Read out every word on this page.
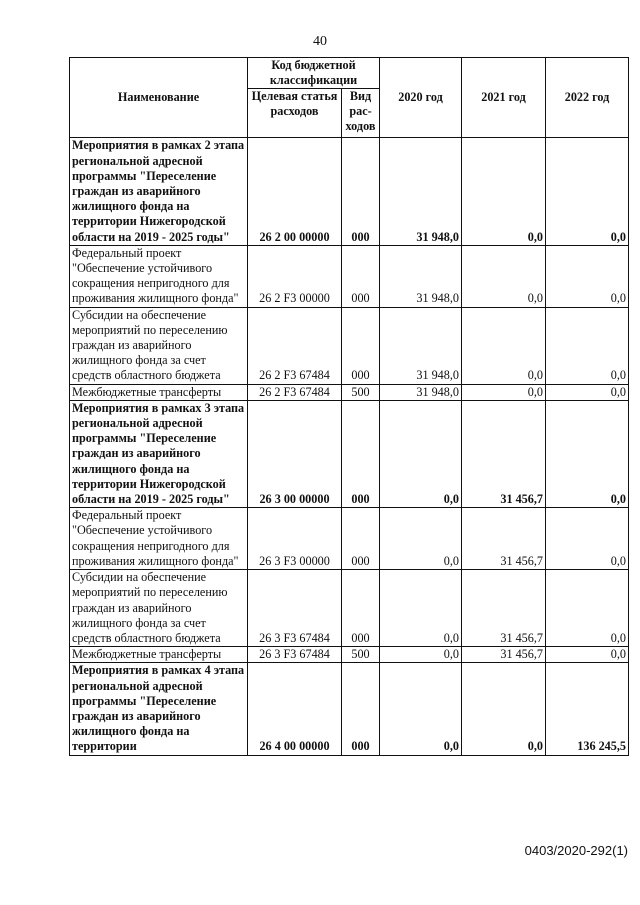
40
Наименование	Код бюджетной классификации		2020 год	2021 год	2022 год
	Целевая статья расходов	Вид рас- ходов			
Мероприятия в рамках 2 этапа региональной адресной программы "Переселение граждан из аварийного жилищного фонда на территории Нижегородской области на 2019 - 2025 годы"	26 2 00 00000	000	31 948,0	0,0	0,0
Федеральный проект "Обеспечение устойчивого сокращения непригодного для проживания жилищного фонда"	26 2 F3 00000	000	31 948,0	0,0	0,0
Субсидии на обеспечение мероприятий по переселению граждан из аварийного жилищного фонда за счет средств областного бюджета	26 2 F3 67484	000	31 948,0	0,0	0,0
Межбюджетные трансферты	26 2 F3 67484	500	31 948,0	0,0	0,0
Мероприятия в рамках 3 этапа региональной адресной программы "Переселение граждан из аварийного жилищного фонда на территории Нижегородской области на 2019 - 2025 годы"	26 3 00 00000	000	0,0	31 456,7	0,0
Федеральный проект "Обеспечение устойчивого сокращения непригодного для проживания жилищного фонда"	26 3 F3 00000	000	0,0	31 456,7	0,0
Субсидии на обеспечение мероприятий по переселению граждан из аварийного жилищного фонда за счет средств областного бюджета	26 3 F3 67484	000	0,0	31 456,7	0,0
Межбюджетные трансферты	26 3 F3 67484	500	0,0	31 456,7	0,0
Мероприятия в рамках 4 этапа региональной адресной программы "Переселение граждан из аварийного жилищного фонда на территории	26 4 00 00000	000	0,0	0,0	136 245,5
0403/2020-292(1)
